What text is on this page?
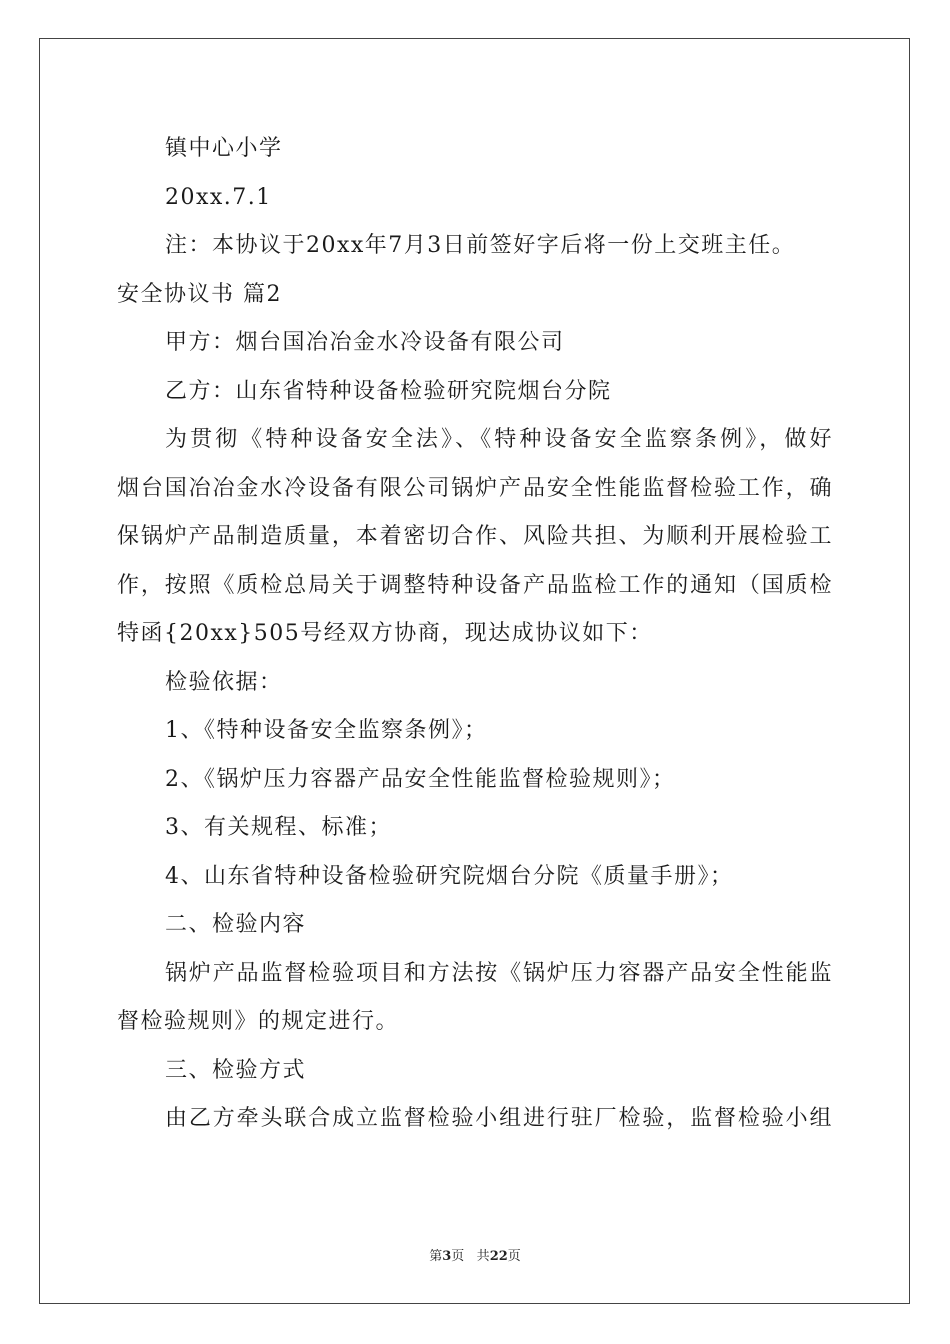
镇中心小学
20xx.7.1
注：本协议于20xx年7月3日前签好字后将一份上交班主任。
安全协议书 篇2
甲方：烟台国冶冶金水冷设备有限公司
乙方：山东省特种设备检验研究院烟台分院
为贯彻《特种设备安全法》、《特种设备安全监察条例》，做好
烟台国冶冶金水冷设备有限公司锅炉产品安全性能监督检验工作，确
保锅炉产品制造质量，本着密切合作、风险共担、为顺利开展检验工
作，按照《质检总局关于调整特种设备产品监检工作的通知（国质检
特函{20xx}505号经双方协商，现达成协议如下：
检验依据：
1、《特种设备安全监察条例》；
2、《锅炉压力容器产品安全性能监督检验规则》；
3、有关规程、标准；
4、山东省特种设备检验研究院烟台分院《质量手册》；
二、检验内容
锅炉产品监督检验项目和方法按《锅炉压力容器产品安全性能监
督检验规则》的规定进行。
三、检验方式
由乙方牵头联合成立监督检验小组进行驻厂检验，监督检验小组
第3页 共22页
